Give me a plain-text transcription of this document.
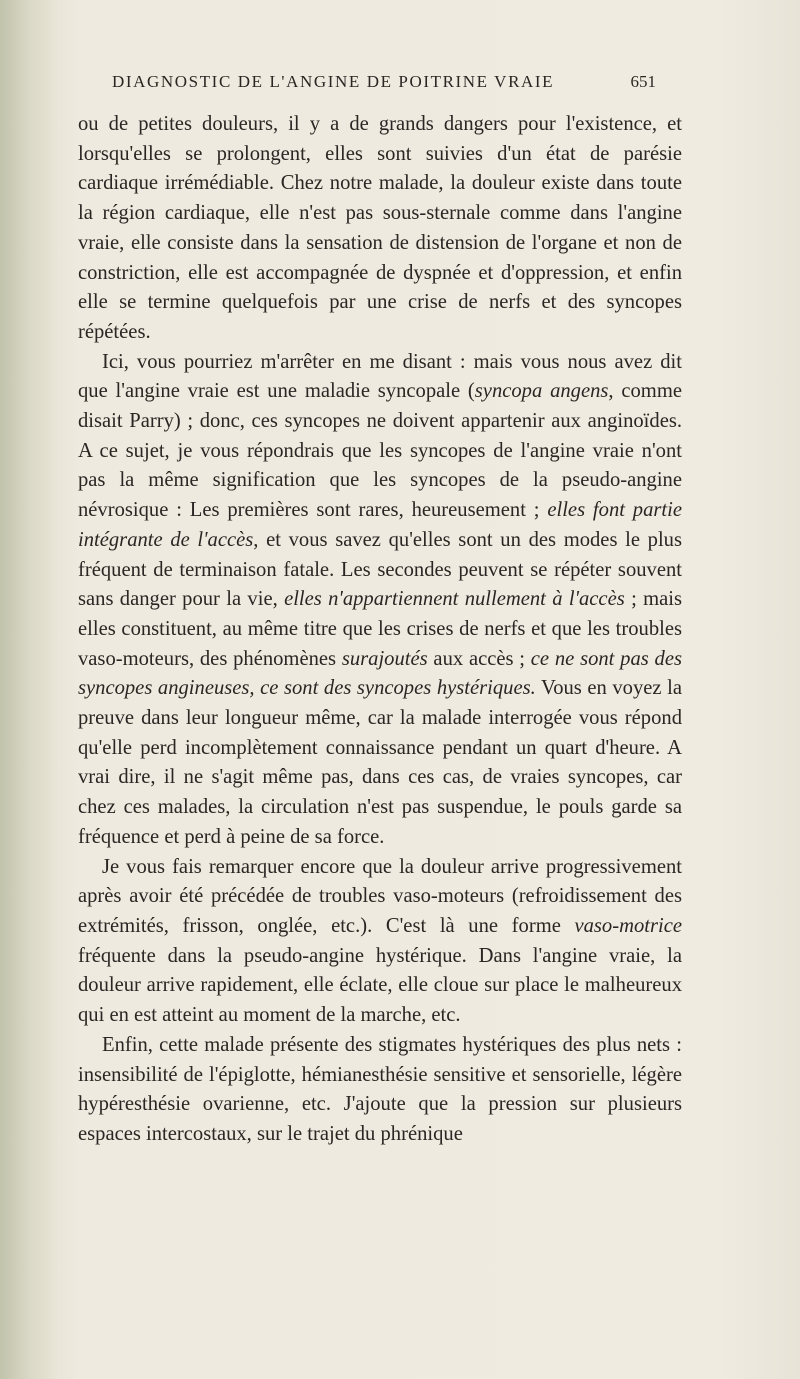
DIAGNOSTIC DE L'ANGINE DE POITRINE VRAIE	651

ou de petites douleurs, il y a de grands dangers pour l'existence, et lorsqu'elles se prolongent, elles sont suivies d'un état de parésie cardiaque irrémédiable. Chez notre malade, la douleur existe dans toute la région cardiaque, elle n'est pas sous-sternale comme dans l'angine vraie, elle consiste dans la sensation de distension de l'organe et non de constriction, elle est accompagnée de dyspnée et d'oppression, et enfin elle se termine quelquefois par une crise de nerfs et des syncopes répétées.

Ici, vous pourriez m'arrêter en me disant : mais vous nous avez dit que l'angine vraie est une maladie syncopale (syncopa angens, comme disait Parry) ; donc, ces syncopes ne doivent appartenir aux anginoïdes. A ce sujet, je vous répondrais que les syncopes de l'angine vraie n'ont pas la même signification que les syncopes de la pseudo-angine névrosique : Les premières sont rares, heureusement ; elles font partie intégrante de l'accès, et vous savez qu'elles sont un des modes le plus fréquent de terminaison fatale. Les secondes peuvent se répéter souvent sans danger pour la vie, elles n'appartiennent nullement à l'accès ; mais elles constituent, au même titre que les crises de nerfs et que les troubles vaso-moteurs, des phénomènes surajoutés aux accès ; ce ne sont pas des syncopes angineuses, ce sont des syncopes hystériques. Vous en voyez la preuve dans leur longueur même, car la malade interrogée vous répond qu'elle perd incomplètement connaissance pendant un quart d'heure. A vrai dire, il ne s'agit même pas, dans ces cas, de vraies syncopes, car chez ces malades, la circulation n'est pas suspendue, le pouls garde sa fréquence et perd à peine de sa force.

Je vous fais remarquer encore que la douleur arrive progressivement après avoir été précédée de troubles vaso-moteurs (refroidissement des extrémités, frisson, onglée, etc.). C'est là une forme vaso-motrice fréquente dans la pseudo-angine hystérique. Dans l'angine vraie, la douleur arrive rapidement, elle éclate, elle cloue sur place le malheureux qui en est atteint au moment de la marche, etc.

Enfin, cette malade présente des stigmates hystériques des plus nets : insensibilité de l'épiglotte, hémianesthésie sensitive et sensorielle, légère hypéresthésie ovarienne, etc. J'ajoute que la pression sur plusieurs espaces intercostaux, sur le trajet du phrénique
